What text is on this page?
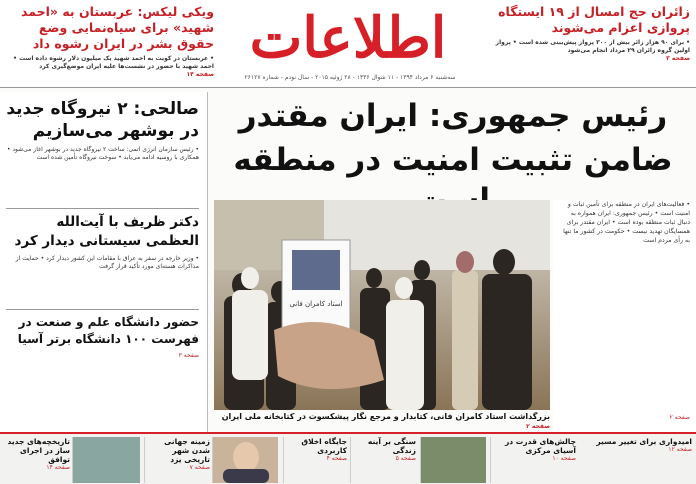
اطلاعات
سه‌شنبه ۶ مرداد ۱۳۹۴ - ۱۱ شوال ۱۴۳۶ - ۲۸ ژوئیه ۲۰۱۵ - سال نودم - شماره ۲۶۱۲۷
ویکی لیکس: عربستان به «احمد شهید» برای سیاه‌نمایی وضع حقوق بشر در ایران رشوه داد
• عربستان در کویت به احمد شهید یک میلیون دلار رشوه داده است • احمد شهید با حضور در نشست‌ها علیه ایران موضع‌گیری کرد
صفحه ۱۴
زائران حج امسال از ۱۹ ایستگاه پروازی اعزام می‌شوند
• برای ۹۰ هزار زائر بیش از ۳۰۰ پرواز پیش‌بینی شده است • پرواز اولین گروه زائران ۲۹ مرداد انجام می‌شود
صفحه ۳
صالحی: ۲ نیروگاه جدید در بوشهر می‌سازیم
• رئیس سازمان انرژی اتمی: ساخت ۲ نیروگاه جدید در بوشهر آغاز می‌شود • همکاری با روسیه ادامه می‌یابد • سوخت نیروگاه تأمین شده است
دکتر ظریف با آیت‌الله العظمی سیستانی دیدار کرد
• وزیر خارجه در سفر به عراق با مقامات این کشور دیدار کرد • حمایت از مذاکرات هسته‌ای مورد تأکید قرار گرفت
حضور دانشگاه علم و صنعت در فهرست ۱۰۰ دانشگاه برتر آسیا
صفحه ۳
رئیس جمهوری: ایران مقتدر
ضامن تثبیت امنیت در منطقه
استاد کامران فانی
بزرگداشت استاد کامران فانی، کتابدار و مرجع نگار پیشکسوت در کتابخانه ملی ایران صفحه ۲
• فعالیت‌های ایران در منطقه برای تأمین ثبات و امنیت است • رئیس جمهوری: ایران همواره به دنبال ثبات منطقه بوده است • ایران مقتدر برای همسایگان تهدید نیست • حکومت در کشور ما تنها به رأی مردم است
صفحه ۲
امیدواری برای تغییر مسیر
صفحه ۱۲
چالش‌های قدرت در آسیای مرکزی
صفحه ۱۰
سنگی بر آینه زندگی
صفحه ۵
جایگاه اخلاق کاربردی
صفحه ۴
زمینه جهانی شدن شهر تاریخی یزد
صفحه ۷
تاریخچه‌های جدید ساز در اجرای توافق
صفحه ۱۴
